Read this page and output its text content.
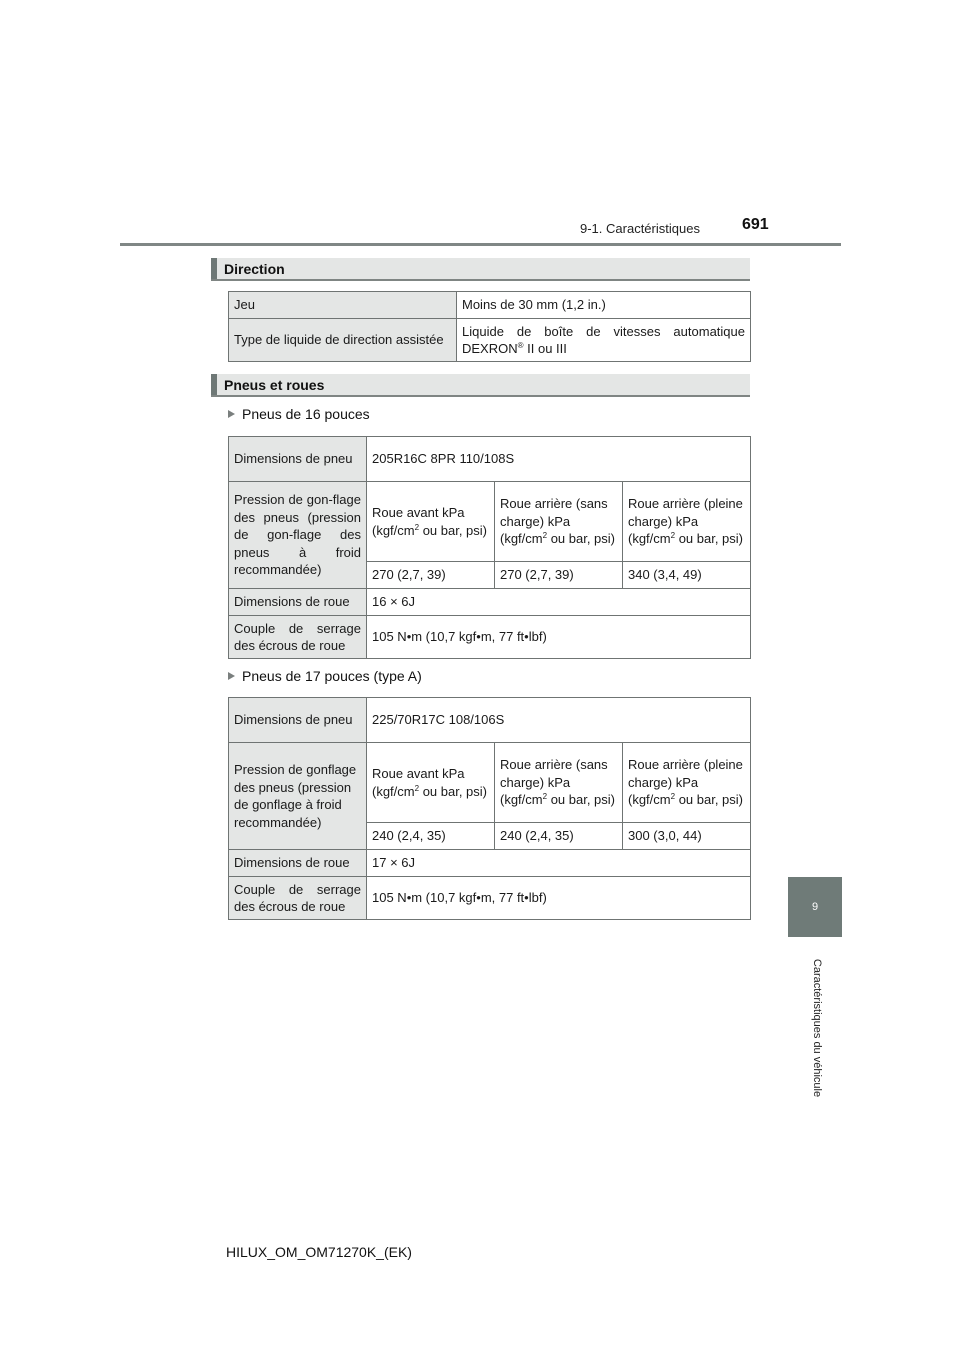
9-1. Caractéristiques	691
9
Caractéristiques du véhicule
Direction
Jeu	Moins de 30 mm (1,2 in.)
Type de liquide de direction assistée	Liquide de boîte de vitesses automatique
DEXRON® II ou III
Pneus et roues
Pneus de 16 pouces
Dimensions de pneu	205R16C 8PR 110/108S		
Pression de gon-flage des pneus (pression de gon-flage des pneus à froid recommandée)	Roue avant kPa ($kgf/cm^2$ ou bar, psi)	Roue arrière (sans charge) kPa ($kgf/cm^2$ ou bar, psi)	Roue arrière (pleine charge) kPa ($kgf/cm^2$ ou bar, psi)
	270 (2,7, 39)	270 (2,7, 39)	340 (3,4, 49)
Dimensions de roue	16 × 6J		
Couple de serrage des écrous de roue	105 N•m (10,7 kgf•m, 77 ft•lbf)		
Pneus de 17 pouces (type A)
Dimensions de pneu	225/70R17C 108/106S		
Pression de gonflage des pneus (pression de gonflage à froid recommandée)	Roue avant kPa ($kgf/cm^2$ ou bar, psi)	Roue arrière (sans charge) kPa ($kgf/cm^2$ ou bar, psi)	Roue arrière (pleine charge) kPa ($kgf/cm^2$ ou bar, psi)
	240 (2,4, 35)	240 (2,4, 35)	300 (3,0, 44)
Dimensions de roue	17 × 6J		
Couple de serrage des écrous de roue	105 N•m (10,7 kgf•m, 77 ft•lbf)		
HILUX_OM_OM71270K_(EK)
